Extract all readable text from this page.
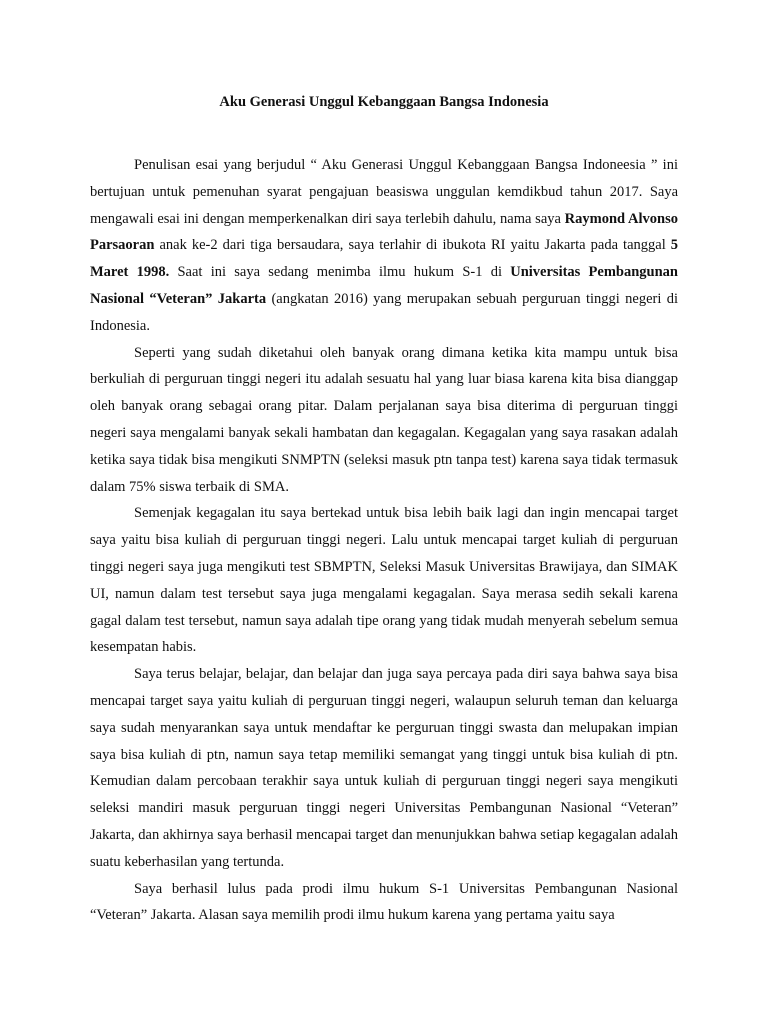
Aku Generasi Unggul Kebanggaan Bangsa Indonesia

Penulisan esai yang berjudul “ Aku Generasi Unggul Kebanggaan Bangsa Indoneesia ” ini bertujuan untuk pemenuhan syarat pengajuan beasiswa unggulan kemdikbud tahun 2017. Saya mengawali esai ini dengan memperkenalkan diri saya terlebih dahulu, nama saya Raymond Alvonso Parsaoran anak ke-2 dari tiga bersaudara, saya terlahir di ibukota RI yaitu Jakarta pada tanggal 5 Maret 1998. Saat ini saya sedang menimba ilmu hukum S-1 di Universitas Pembangunan Nasional “Veteran” Jakarta (angkatan 2016) yang merupakan sebuah perguruan tinggi negeri di Indonesia.

Seperti yang sudah diketahui oleh banyak orang dimana ketika kita mampu untuk bisa berkuliah di perguruan tinggi negeri itu adalah sesuatu hal yang luar biasa karena kita bisa dianggap oleh banyak orang sebagai orang pitar. Dalam perjalanan saya bisa diterima di perguruan tinggi negeri saya mengalami banyak sekali hambatan dan kegagalan. Kegagalan yang saya rasakan adalah ketika saya tidak bisa mengikuti SNMPTN (seleksi masuk ptn tanpa test) karena saya tidak termasuk dalam 75% siswa terbaik di SMA.

Semenjak kegagalan itu saya bertekad untuk bisa lebih baik lagi dan ingin mencapai target saya yaitu bisa kuliah di perguruan tinggi negeri. Lalu untuk mencapai target kuliah di perguruan tinggi negeri saya juga mengikuti test SBMPTN, Seleksi Masuk Universitas Brawijaya, dan SIMAK UI, namun dalam test tersebut saya juga mengalami kegagalan. Saya merasa sedih sekali karena gagal dalam test tersebut, namun saya adalah tipe orang yang tidak mudah menyerah sebelum semua kesempatan habis.

Saya terus belajar, belajar, dan belajar dan juga saya percaya pada diri saya bahwa saya bisa mencapai target saya yaitu kuliah di perguruan tinggi negeri, walaupun seluruh teman dan keluarga saya sudah menyarankan saya untuk mendaftar ke perguruan tinggi swasta dan melupakan impian saya bisa kuliah di ptn, namun saya tetap memiliki semangat yang tinggi untuk bisa kuliah di ptn. Kemudian dalam percobaan terakhir saya untuk kuliah di perguruan tinggi negeri saya mengikuti seleksi mandiri masuk perguruan tinggi negeri Universitas Pembangunan Nasional “Veteran” Jakarta, dan akhirnya saya berhasil mencapai target dan menunjukkan bahwa setiap kegagalan adalah suatu keberhasilan yang tertunda.

Saya berhasil lulus pada prodi ilmu hukum S-1 Universitas Pembangunan Nasional “Veteran” Jakarta. Alasan saya memilih prodi ilmu hukum karena yang pertama yaitu saya
